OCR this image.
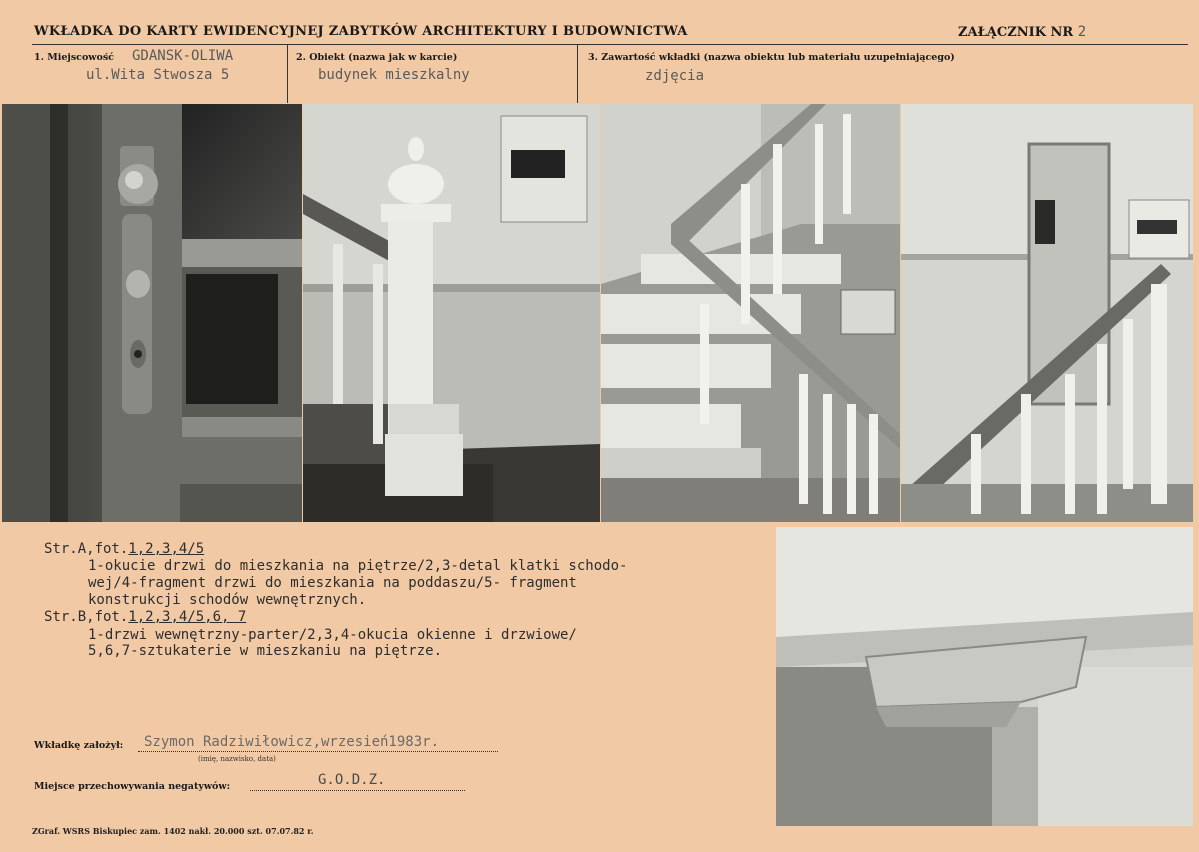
WKŁADKA DO KARTY EWIDENCYJNEJ ZABYTKÓW ARCHITEKTURY I BUDOWNICTWA	ZAŁĄCZNIK NR 2
1. Miejscowość GDANSK-OLIWA
ul.Wita Stwosza 5
2. Obiekt (nazwa jak w karcie)
budynek mieszkalny
3. Zawartość wkładki (nazwa obiektu lub materiału uzupełniającego)
zdjęcia
Str.A,fot.1,2,3,4/5
1-okucie drzwi do mieszkania na piętrze/2,3-detal klatki schodo-
wej/4-fragment drzwi do mieszkania na poddaszu/5- fragment
konstrukcji schodów wewnętrznych.
Str.B,fot.1,2,3,4/5,6, 7
1-drzwi wewnętrzny-parter/2,3,4-okucia okienne i drzwiowe/
5,6,7-sztukaterie w mieszkaniu na piętrze.
Wkładkę założył: Szymon Radziwiłowicz,wrzesień1983r.
(imię, nazwisko, data)
Miejsce przechowywania negatywów:	G.O.D.Z.
ZGraf. WSRS Biskupiec zam. 1402 nakł. 20.000 szt. 07.07.82 r.
